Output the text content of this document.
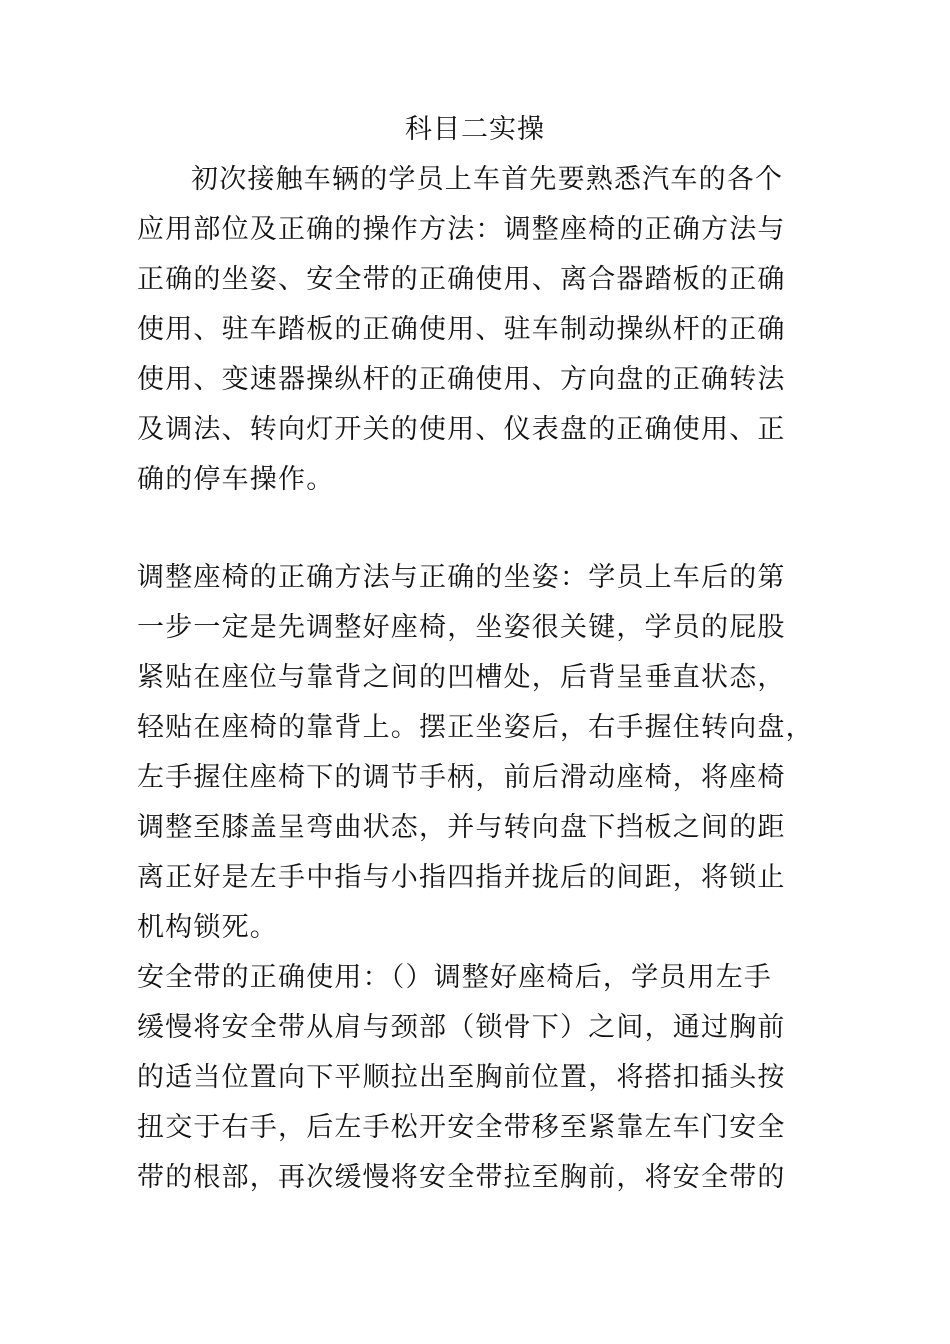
科目二实操
初次接触车辆的学员上车首先要熟悉汽车的各个
应用部位及正确的操作方法：调整座椅的正确方法与
正确的坐姿、安全带的正确使用、离合器踏板的正确
使用、驻车踏板的正确使用、驻车制动操纵杆的正确
使用、变速器操纵杆的正确使用、方向盘的正确转法
及调法、转向灯开关的使用、仪表盘的正确使用、正
确的停车操作。
调整座椅的正确方法与正确的坐姿：学员上车后的第
一步一定是先调整好座椅，坐姿很关键，学员的屁股
紧贴在座位与靠背之间的凹槽处，后背呈垂直状态，
轻贴在座椅的靠背上。摆正坐姿后，右手握住转向盘，
左手握住座椅下的调节手柄，前后滑动座椅，将座椅
调整至膝盖呈弯曲状态，并与转向盘下挡板之间的距
离正好是左手中指与小指四指并拢后的间距，将锁止
机构锁死。
安全带的正确使用：（）调整好座椅后，学员用左手
缓慢将安全带从肩与颈部（锁骨下）之间，通过胸前
的适当位置向下平顺拉出至胸前位置，将搭扣插头按
扭交于右手，后左手松开安全带移至紧靠左车门安全
带的根部，再次缓慢将安全带拉至胸前，将安全带的
